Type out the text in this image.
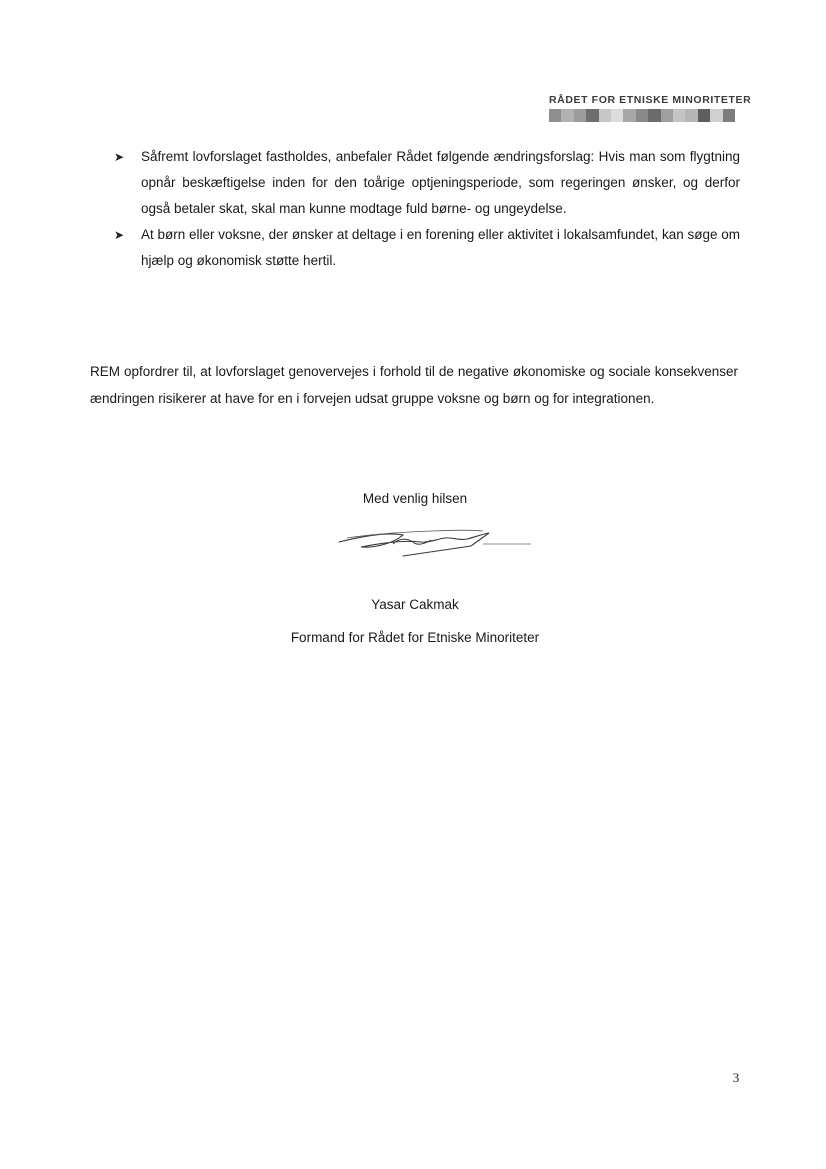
RÅDET FOR ETNISKE MINORITETER
➤ Såfremt lovforslaget fastholdes, anbefaler Rådet følgende ændringsforslag: Hvis man som flygtning opnår beskæftigelse inden for den toårige optjeningsperiode, som regeringen ønsker, og derfor også betaler skat, skal man kunne modtage fuld børne- og ungeydelse.
➤ At børn eller voksne, der ønsker at deltage i en forening eller aktivitet i lokalsamfundet, kan søge om hjælp og økonomisk støtte hertil.
REM opfordrer til, at lovforslaget genovervejes i forhold til de negative økonomiske og sociale konsekvenser ændringen risikerer at have for en i forvejen udsat gruppe voksne og børn og for integrationen.
Med venlig hilsen
Yasar Cakmak
Formand for Rådet for Etniske Minoriteter
3
